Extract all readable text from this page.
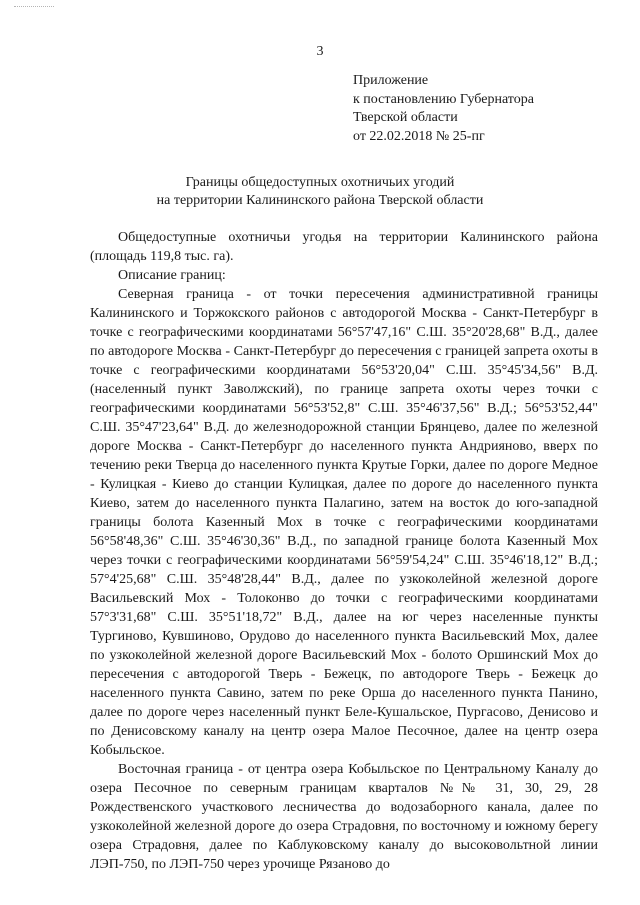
3
Приложение
к постановлению Губернатора
Тверской области
от 22.02.2018 № 25-пг
Границы общедоступных охотничьих угодий
на территории Калининского района Тверской области

Общедоступные охотничьи угодья на территории Калининского района (площадь 119,8 тыс. га).

Описание границ:

Северная граница - от точки пересечения административной границы Калининского и Торжокского районов с автодорогой Москва - Санкт-Петербург в точке с географическими координатами 56°57'47,16" С.Ш. 35°20'28,68" В.Д., далее по автодороге Москва - Санкт-Петербург до пересечения с границей запрета охоты в точке с географическими координатами 56°53'20,04" С.Ш. 35°45'34,56" В.Д. (населенный пункт Заволжский), по границе запрета охоты через точки с географическими координатами 56°53'52,8" С.Ш. 35°46'37,56" В.Д.; 56°53'52,44" С.Ш. 35°47'23,64" В.Д. до железнодорожной станции Брянцево, далее по железной дороге Москва - Санкт-Петербург до населенного пункта Андрияново, вверх по течению реки Тверца до населенного пункта Крутые Горки, далее по дороге Медное - Кулицкая - Киево до станции Кулицкая, далее по дороге до населенного пункта Киево, затем до населенного пункта Палагино, затем на восток до юго-западной границы болота Казенный Мох в точке с географическими координатами 56°58'48,36" С.Ш. 35°46'30,36" В.Д., по западной границе болота Казенный Мох через точки с географическими координатами 56°59'54,24" С.Ш. 35°46'18,12" В.Д.; 57°4'25,68" С.Ш. 35°48'28,44" В.Д., далее по узкоколейной железной дороге Васильевский Мох - Толоконво до точки с географическими координатами 57°3'31,68" С.Ш. 35°51'18,72" В.Д., далее на юг через населенные пункты Тургиново, Кувшиново, Орудово до населенного пункта Васильевский Мох, далее по узкоколейной железной дороге Васильевский Мох - болото Оршинский Мох до пересечения с автодорогой Тверь - Бежецк, по автодороге Тверь - Бежецк до населенного пункта Савино, затем по реке Орша до населенного пункта Панино, далее по дороге через населенный пункт Беле-Кушальское, Пургасово, Денисово и по Денисовскому каналу на центр озера Малое Песочное, далее на центр озера Кобыльское.

Восточная граница - от центра озера Кобыльское по Центральному Каналу до озера Песочное по северным границам кварталов №№ 31, 30, 29, 28 Рождественского участкового лесничества до водозаборного канала, далее по узкоколейной железной дороге до озера Страдовня, по восточному и южному берегу озера Страдовня, далее по Каблуковскому каналу до высоковольтной линии ЛЭП-750, по ЛЭП-750 через урочище Рязаново до
